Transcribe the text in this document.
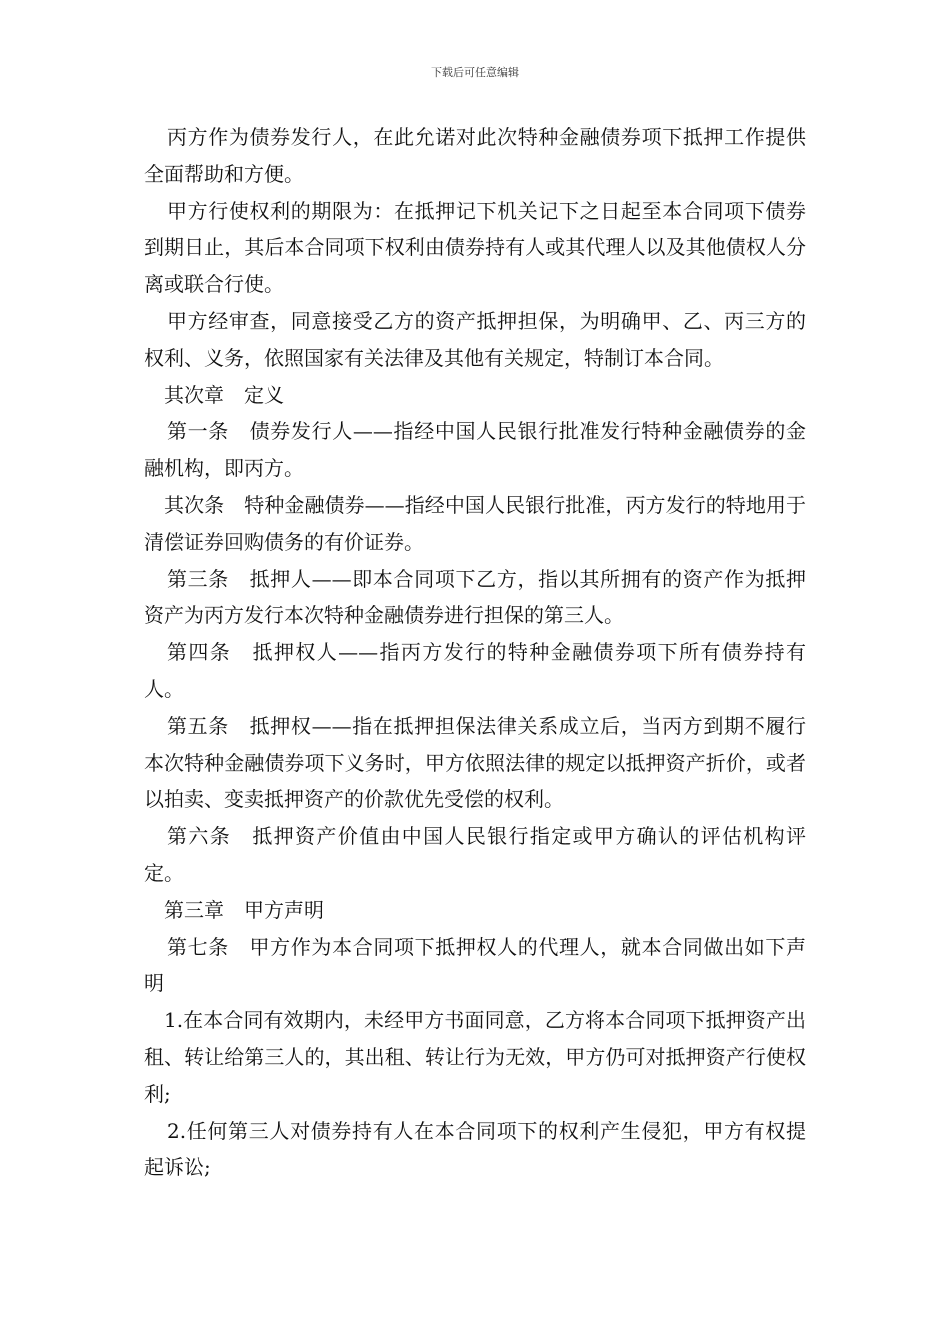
下载后可任意编辑

丙方作为债券发行人，在此允诺对此次特种金融债券项下抵押工作提供全面帮助和方便。

甲方行使权利的期限为：在抵押记下机关记下之日起至本合同项下债券到期日止，其后本合同项下权利由债券持有人或其代理人以及其他债权人分离或联合行使。

甲方经审查，同意接受乙方的资产抵押担保，为明确甲、乙、丙三方的权利、义务，依照国家有关法律及其他有关规定，特制订本合同。

其次章　定义

第一条　债券发行人——指经中国人民银行批准发行特种金融债券的金融机构，即丙方。

其次条　特种金融债券——指经中国人民银行批准，丙方发行的特地用于清偿证券回购债务的有价证券。

第三条　抵押人——即本合同项下乙方，指以其所拥有的资产作为抵押资产为丙方发行本次特种金融债券进行担保的第三人。

第四条　抵押权人——指丙方发行的特种金融债券项下所有债券持有人。

第五条　抵押权——指在抵押担保法律关系成立后，当丙方到期不履行本次特种金融债券项下义务时，甲方依照法律的规定以抵押资产折价，或者以拍卖、变卖抵押资产的价款优先受偿的权利。

第六条　抵押资产价值由中国人民银行指定或甲方确认的评估机构评定。

第三章　甲方声明

第七条　甲方作为本合同项下抵押权人的代理人，就本合同做出如下声明

1.在本合同有效期内，未经甲方书面同意，乙方将本合同项下抵押资产出租、转让给第三人的，其出租、转让行为无效，甲方仍可对抵押资产行使权利;

2.任何第三人对债券持有人在本合同项下的权利产生侵犯，甲方有权提起诉讼;
